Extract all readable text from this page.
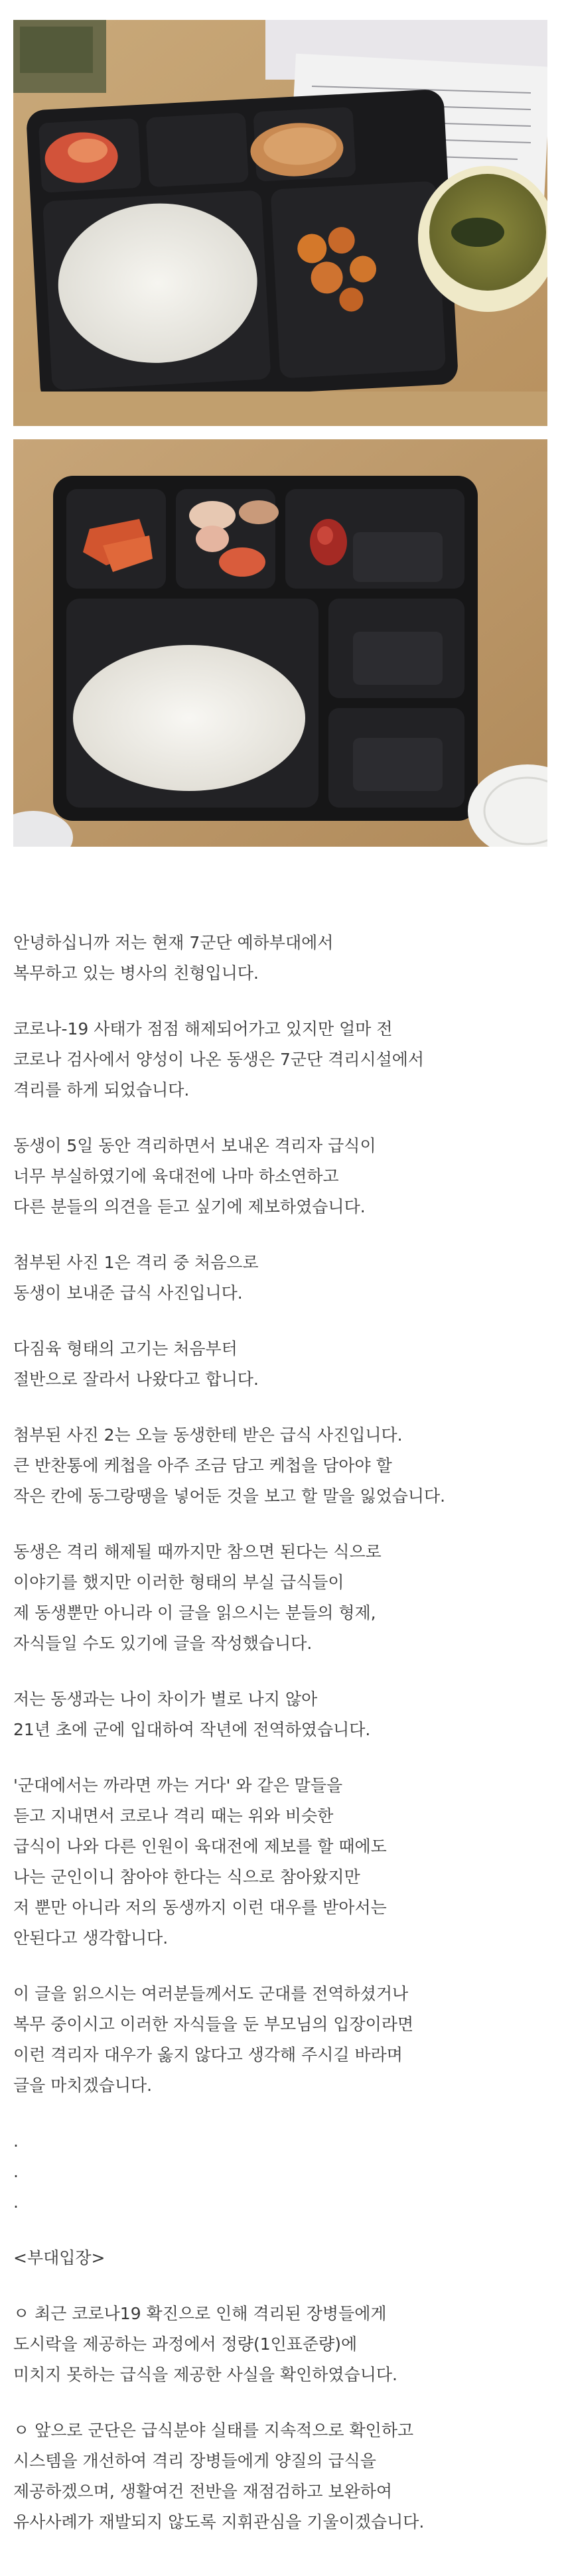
안녕하십니까 저는 현재 7군단 예하부대에서
복무하고 있는 병사의 친형입니다.
코로나-19 사태가 점점 해제되어가고 있지만 얼마 전
코로나 검사에서 양성이 나온 동생은 7군단 격리시설에서
격리를 하게 되었습니다.
동생이 5일 동안 격리하면서 보내온 격리자 급식이
너무 부실하였기에 육대전에 나마 하소연하고
다른 분들의 의견을 듣고 싶기에 제보하였습니다.
첨부된 사진 1은 격리 중 처음으로
동생이 보내준 급식 사진입니다.
다짐육 형태의 고기는 처음부터
절반으로 잘라서 나왔다고 합니다.
첨부된 사진 2는 오늘 동생한테 받은 급식 사진입니다.
큰 반찬통에 케첩을 아주 조금 담고 케첩을 담아야 할
작은 칸에 동그랑땡을 넣어둔 것을 보고 할 말을 잃었습니다.
동생은 격리 해제될 때까지만 참으면 된다는 식으로
이야기를 했지만 이러한 형태의 부실 급식들이
제 동생뿐만 아니라 이 글을 읽으시는 분들의 형제,
자식들일 수도 있기에 글을 작성했습니다.
저는 동생과는 나이 차이가 별로 나지 않아
21년 초에 군에 입대하여 작년에 전역하였습니다.
'군대에서는 까라면 까는 거다' 와 같은 말들을
듣고 지내면서 코로나 격리 때는 위와 비슷한
급식이 나와 다른 인원이 육대전에 제보를 할 때에도
나는 군인이니 참아야 한다는 식으로 참아왔지만
저 뿐만 아니라 저의 동생까지 이런 대우를 받아서는
안된다고 생각합니다.
이 글을 읽으시는 여러분들께서도 군대를 전역하셨거나
복무 중이시고 이러한 자식들을 둔 부모님의 입장이라면
이런 격리자 대우가 옳지 않다고 생각해 주시길 바라며
글을 마치겠습니다.
.
.
.
<부대입장>
ㅇ 최근 코로나19 확진으로 인해 격리된 장병들에게
도시락을 제공하는 과정에서 정량(1인표준량)에
미치지 못하는 급식을 제공한 사실을 확인하였습니다.
ㅇ 앞으로 군단은 급식분야 실태를 지속적으로 확인하고
시스템을 개선하여 격리 장병들에게 양질의 급식을
제공하겠으며, 생활여건 전반을 재점검하고 보완하여
유사사례가 재발되지 않도록 지휘관심을 기울이겠습니다.
